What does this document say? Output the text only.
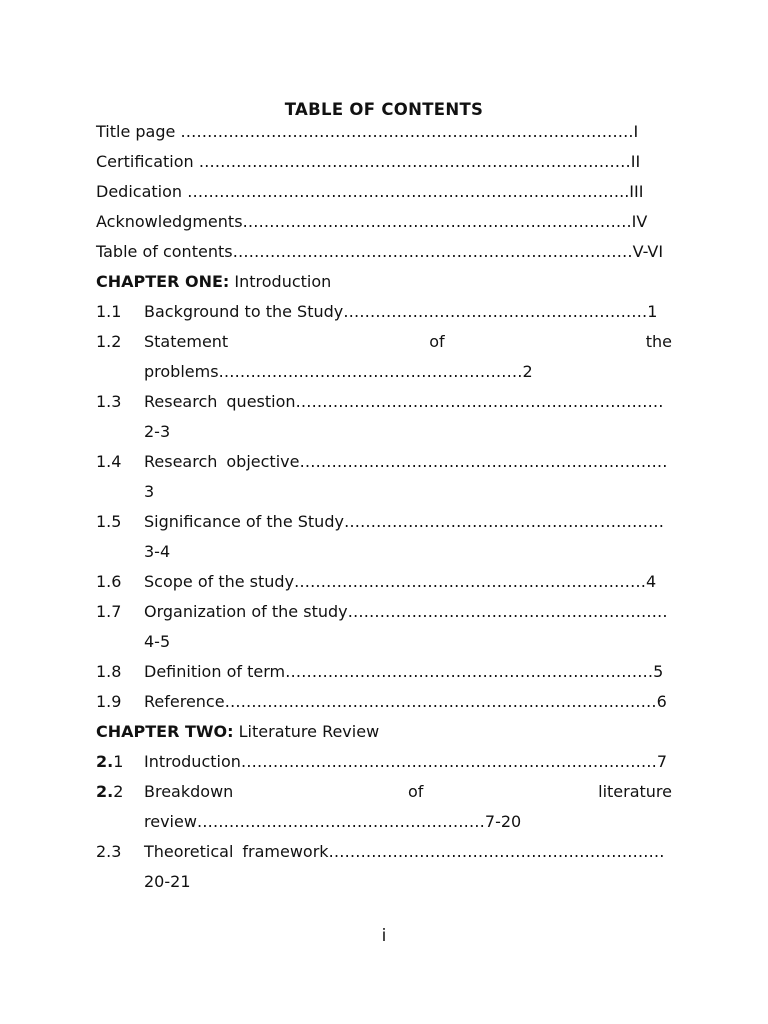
TABLE OF CONTENTS
Title page ………………………………………………………………………….I
Certification ………………………………………………………………………II
Dedication ………………………………………………………………………..III
Acknowledgments……………………………………………………………….IV
Table of contents…………………………………………………………………V-VI
CHAPTER ONE: Introduction
1.1 Background to the Study…………………………………………………1
1.2 Statement	of	the
problems…………………………………………………2
1.3 Research question……………………………………………………………
2-3
1.4 Research objective……………………………………………………………
3
1.5 Significance of the Study……………………………………………………
3-4
1.6 Scope of the study…………………………………………………………4
1.7 Organization of the study……………………………………………………
4-5
1.8 Definition of term……………………………………………………………5
1.9 Reference………………………………………………………………………6
CHAPTER TWO: Literature Review
2.1 Introduction……………………………………………………………………7
2.2 Breakdown	of	literature
review………………………………………………7-20
2.3 Theoretical framework………………………………………………………
20-21
i
